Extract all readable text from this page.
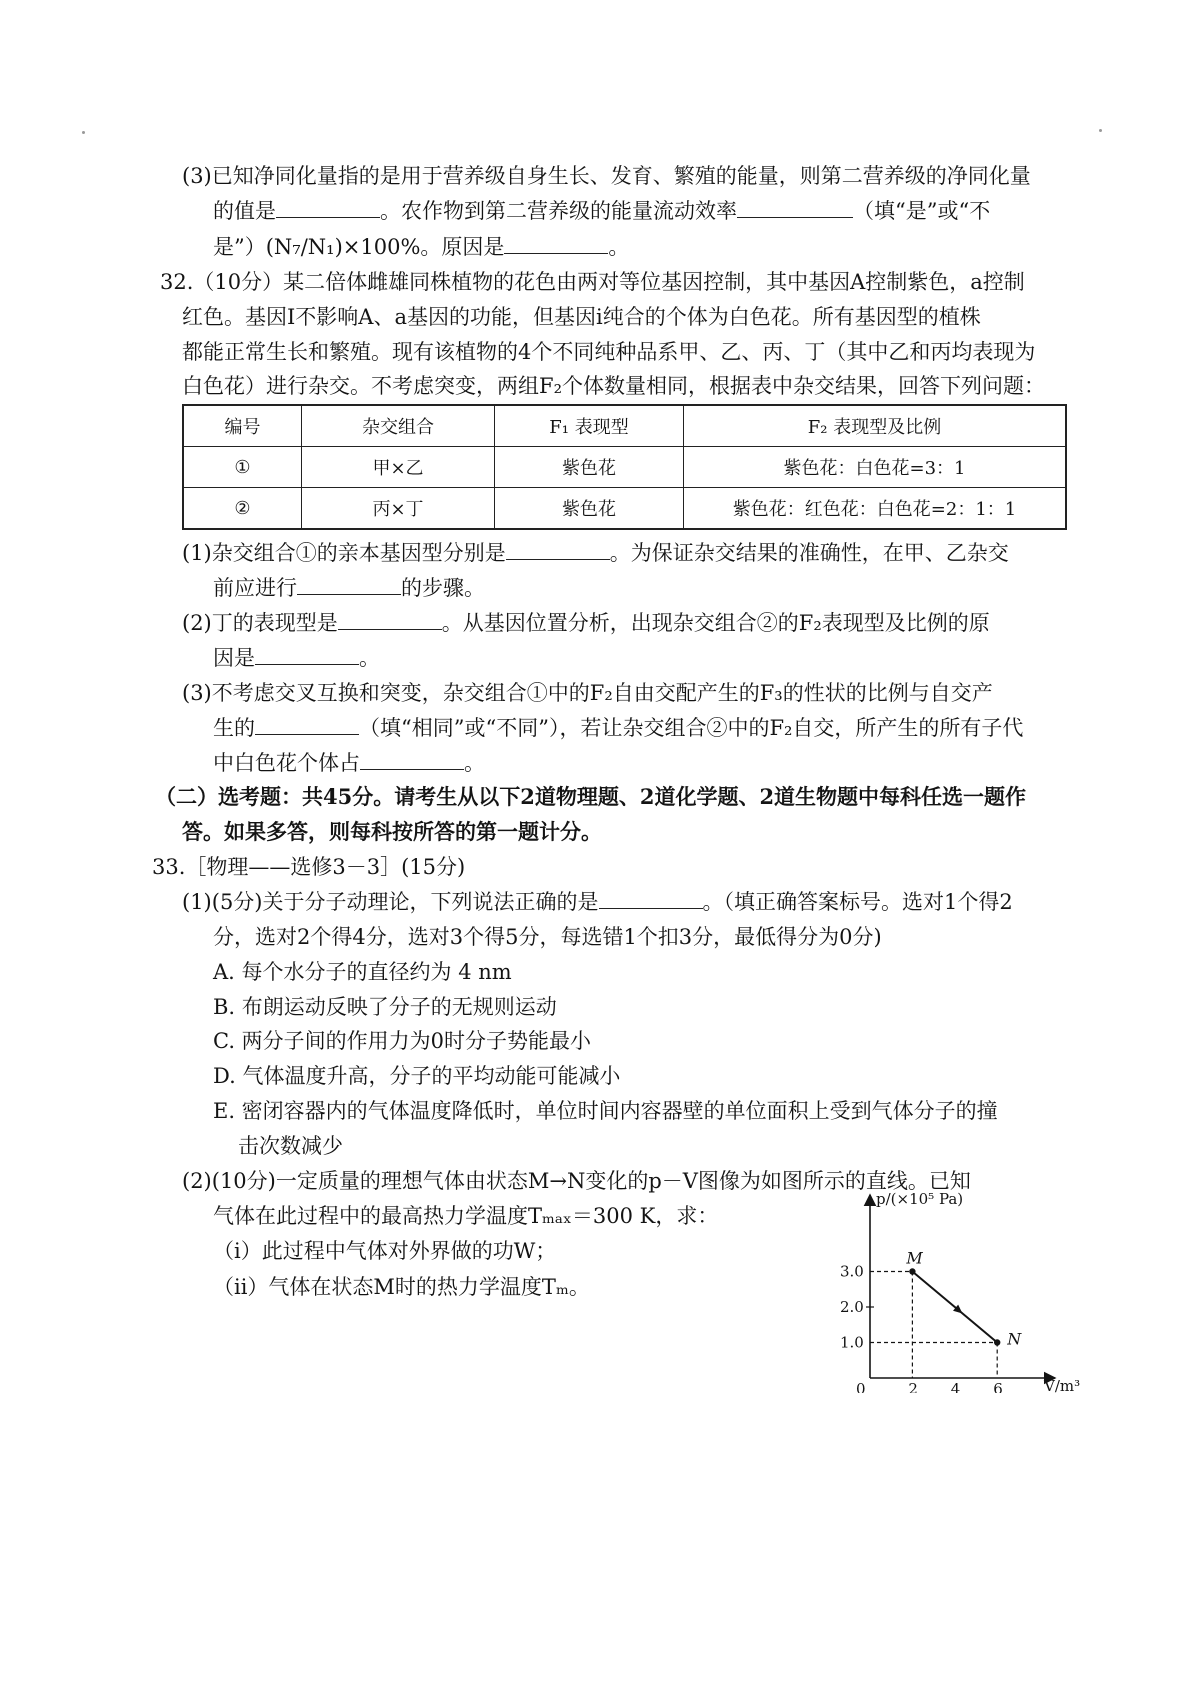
(3)已知净同化量指的是用于营养级自身生长、发育、繁殖的能量，则第二营养级的净同化量
的值是	。农作物到第二营养级的能量流动效率	（填“是”或“不
是”）(N₇/N₁)×100%。原因是	。
32.（10分）某二倍体雌雄同株植物的花色由两对等位基因控制，其中基因A控制紫色，a控制
红色。基因I不影响A、a基因的功能，但基因i纯合的个体为白色花。所有基因型的植株
都能正常生长和繁殖。现有该植物的4个不同纯种品系甲、乙、丙、丁（其中乙和丙均表现为
白色花）进行杂交。不考虑突变，两组F₂个体数量相同，根据表中杂交结果，回答下列问题：
编号	杂交组合	F₁ 表现型	F₂ 表现型及比例
①	甲×乙	紫色花	紫色花：白色花=3：1
②	丙×丁	紫色花	紫色花：红色花：白色花=2：1：1
(1)杂交组合①的亲本基因型分别是	。为保证杂交结果的准确性，在甲、乙杂交
前应进行	的步骤。
(2)丁的表现型是	。从基因位置分析，出现杂交组合②的F₂表现型及比例的原
因是	。
(3)不考虑交叉互换和突变，杂交组合①中的F₂自由交配产生的F₃的性状的比例与自交产
生的	（填“相同”或“不同”），若让杂交组合②中的F₂自交，所产生的所有子代
中白色花个体占	。
（二）选考题：共45分。请考生从以下2道物理题、2道化学题、2道生物题中每科任选一题作
答。如果多答，则每科按所答的第一题计分。
33.［物理——选修3－3］(15分)
(1)(5分)关于分子动理论，下列说法正确的是	。（填正确答案标号。选对1个得2
分，选对2个得4分，选对3个得5分，每选错1个扣3分，最低得分为0分)
A. 每个水分子的直径约为 4 nm
B. 布朗运动反映了分子的无规则运动
C. 两分子间的作用力为0时分子势能最小
D. 气体温度升高，分子的平均动能可能减小
E. 密闭容器内的气体温度降低时，单位时间内容器壁的单位面积上受到气体分子的撞
击次数减少
(2)(10分)一定质量的理想气体由状态M→N变化的p－V图像为如图所示的直线。已知
气体在此过程中的最高热力学温度Tₘₐₓ＝300 K，求：
（ⅰ）此过程中气体对外界做的功W；
（ⅱ）气体在状态M时的热力学温度Tₘ。
p/(×10⁵ Pa)
V/m³
M
N
1.0
2.0
3.0
0	2 4 6
